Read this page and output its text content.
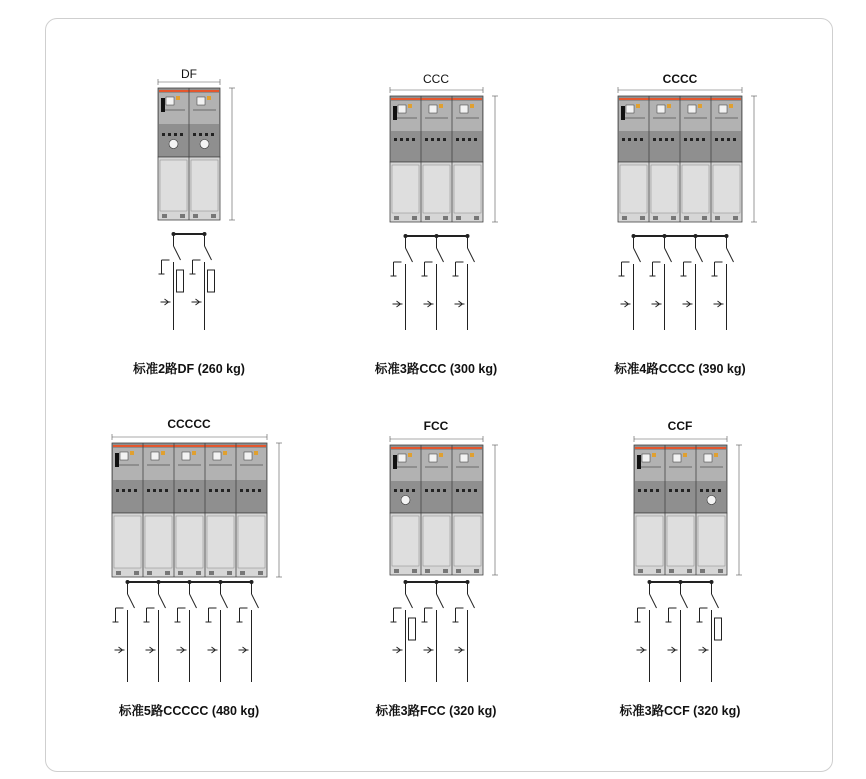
DF
标准2路DF (260 kg)
CCC
标准3路CCC (300 kg)
CCCC
标准4路CCCC (390 kg)
CCCCC
标准5路CCCCC (480 kg)
FCC
标准3路FCC (320 kg)
CCF
标准3路CCF (320 kg)
